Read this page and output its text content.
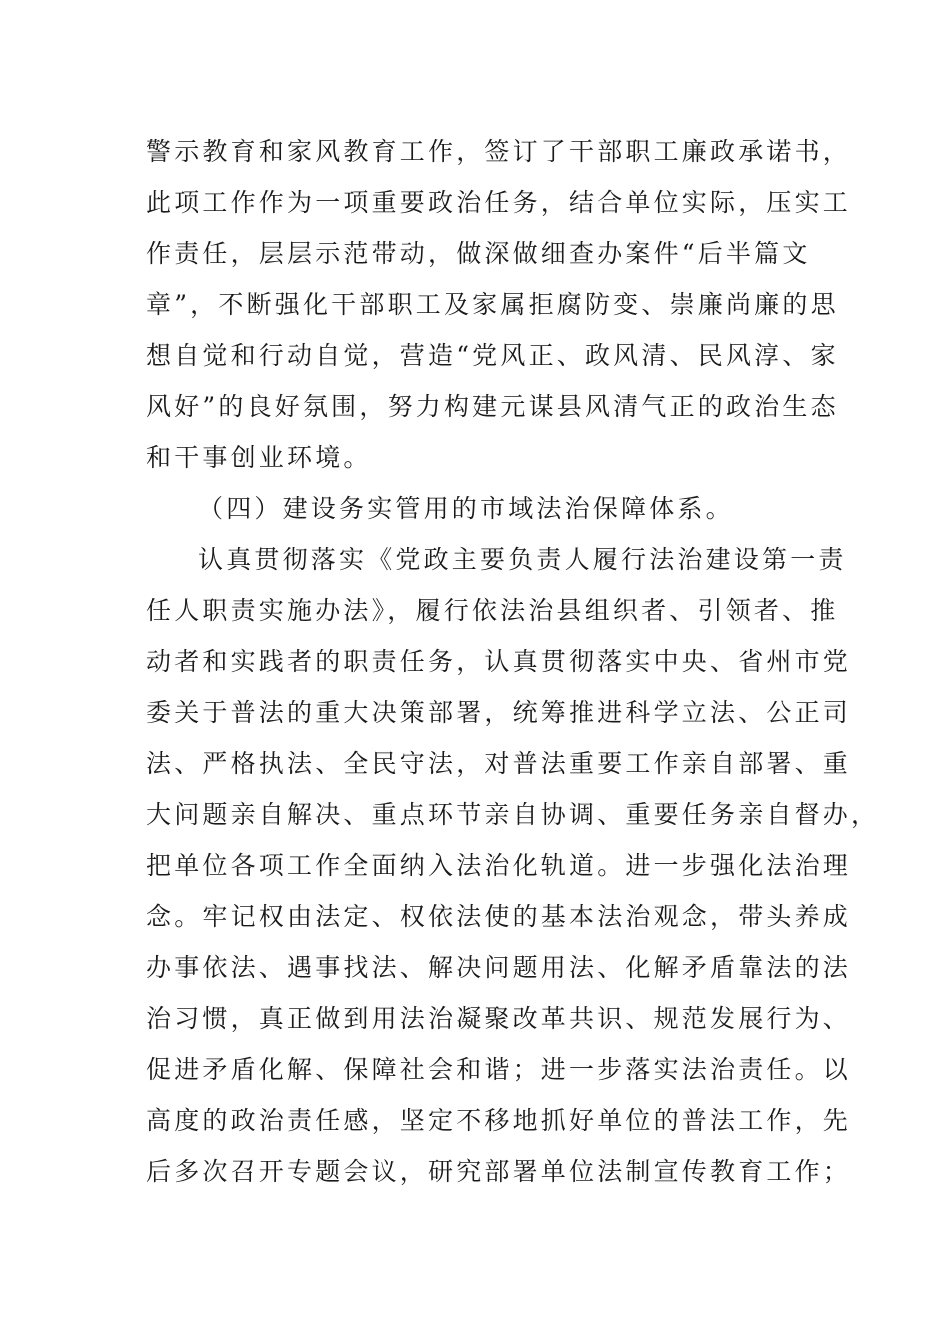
警示教育和家风教育工作，签订了干部职工廉政承诺书，
此项工作作为一项重要政治任务，结合单位实际，压实工
作责任，层层示范带动，做深做细查办案件“后半篇文
章”，不断强化干部职工及家属拒腐防变、崇廉尚廉的思
想自觉和行动自觉，营造“党风正、政风清、民风淳、家
风好”的良好氛围，努力构建元谋县风清气正的政治生态
和干事创业环境。
（四）建设务实管用的市域法治保障体系。
认真贯彻落实《党政主要负责人履行法治建设第一责
任人职责实施办法》，履行依法治县组织者、引领者、推
动者和实践者的职责任务，认真贯彻落实中央、省州市党
委关于普法的重大决策部署，统筹推进科学立法、公正司
法、严格执法、全民守法，对普法重要工作亲自部署、重
大问题亲自解决、重点环节亲自协调、重要任务亲自督办，
把单位各项工作全面纳入法治化轨道。进一步强化法治理
念。牢记权由法定、权依法使的基本法治观念，带头养成
办事依法、遇事找法、解决问题用法、化解矛盾靠法的法
治习惯，真正做到用法治凝聚改革共识、规范发展行为、
促进矛盾化解、保障社会和谐；进一步落实法治责任。以
高度的政治责任感，坚定不移地抓好单位的普法工作，先
后多次召开专题会议，研究部署单位法制宣传教育工作；
